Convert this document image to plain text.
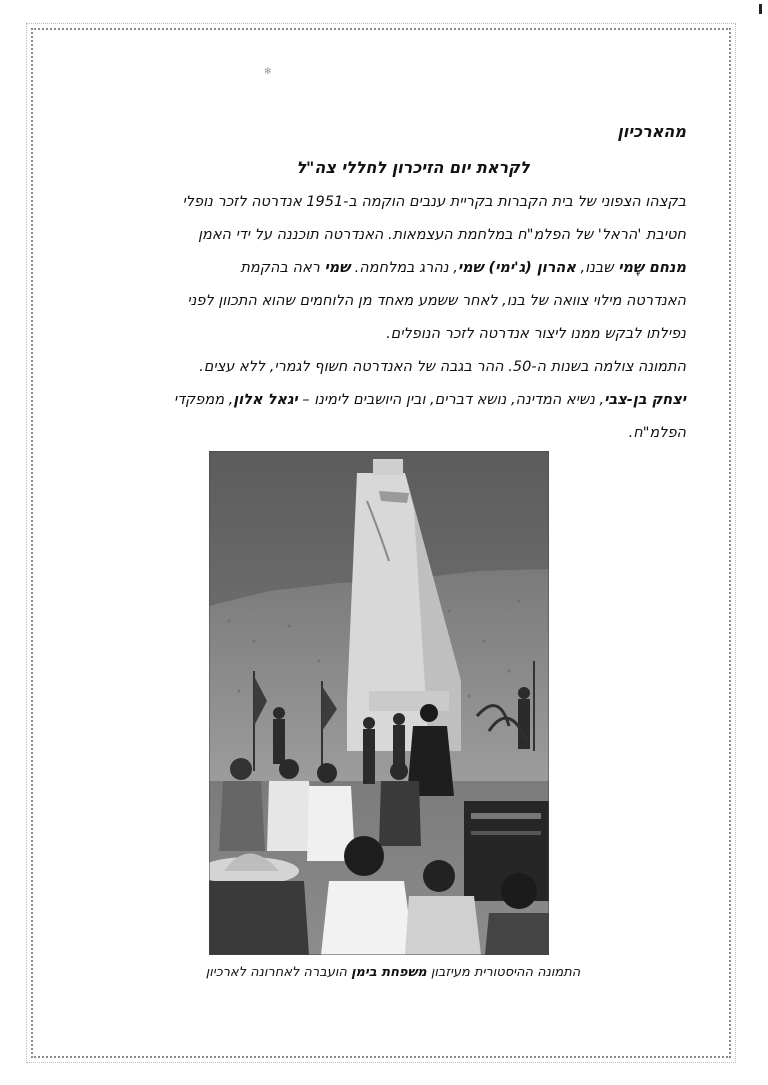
✻

מהארכיון

לקראת יום הזיכרון לחללי צה"ל

בקצהו הצפוני של בית הקברות בקריית ענבים הוקמה ב-1951 אנדרטה לזכר נופלי
חטיבת 'הראל' של הפלמ"ח במלחמת העצמאות. האנדרטה תוכננה על ידי האמן
מנחם שֶמי שבנו, אהרון (ג'ימי) שמי, נהרג במלחמה. שמי ראה בהקמת
האנדרטה מילוי צוואה של בנו, לאחר ששמע מאחד מן הלוחמים שהוא התכוון לפני
נפילתו לבקש ממנו ליצור אנדרטה לזכר הנופלים.

התמונה צולמה בשנות ה-50. ההר בגבה של האנדרטה חשוף לגמרי, ללא עצים.
יצחק בן-צבי, נשיא המדינה, נושא דברים, ובין היושבים לימינו – יגאל אלון, ממפקדי
הפלמ"ח.

התמונה ההיסטורית מעיזבון משפחת בימן הועברה לאחרונה לארכיון
